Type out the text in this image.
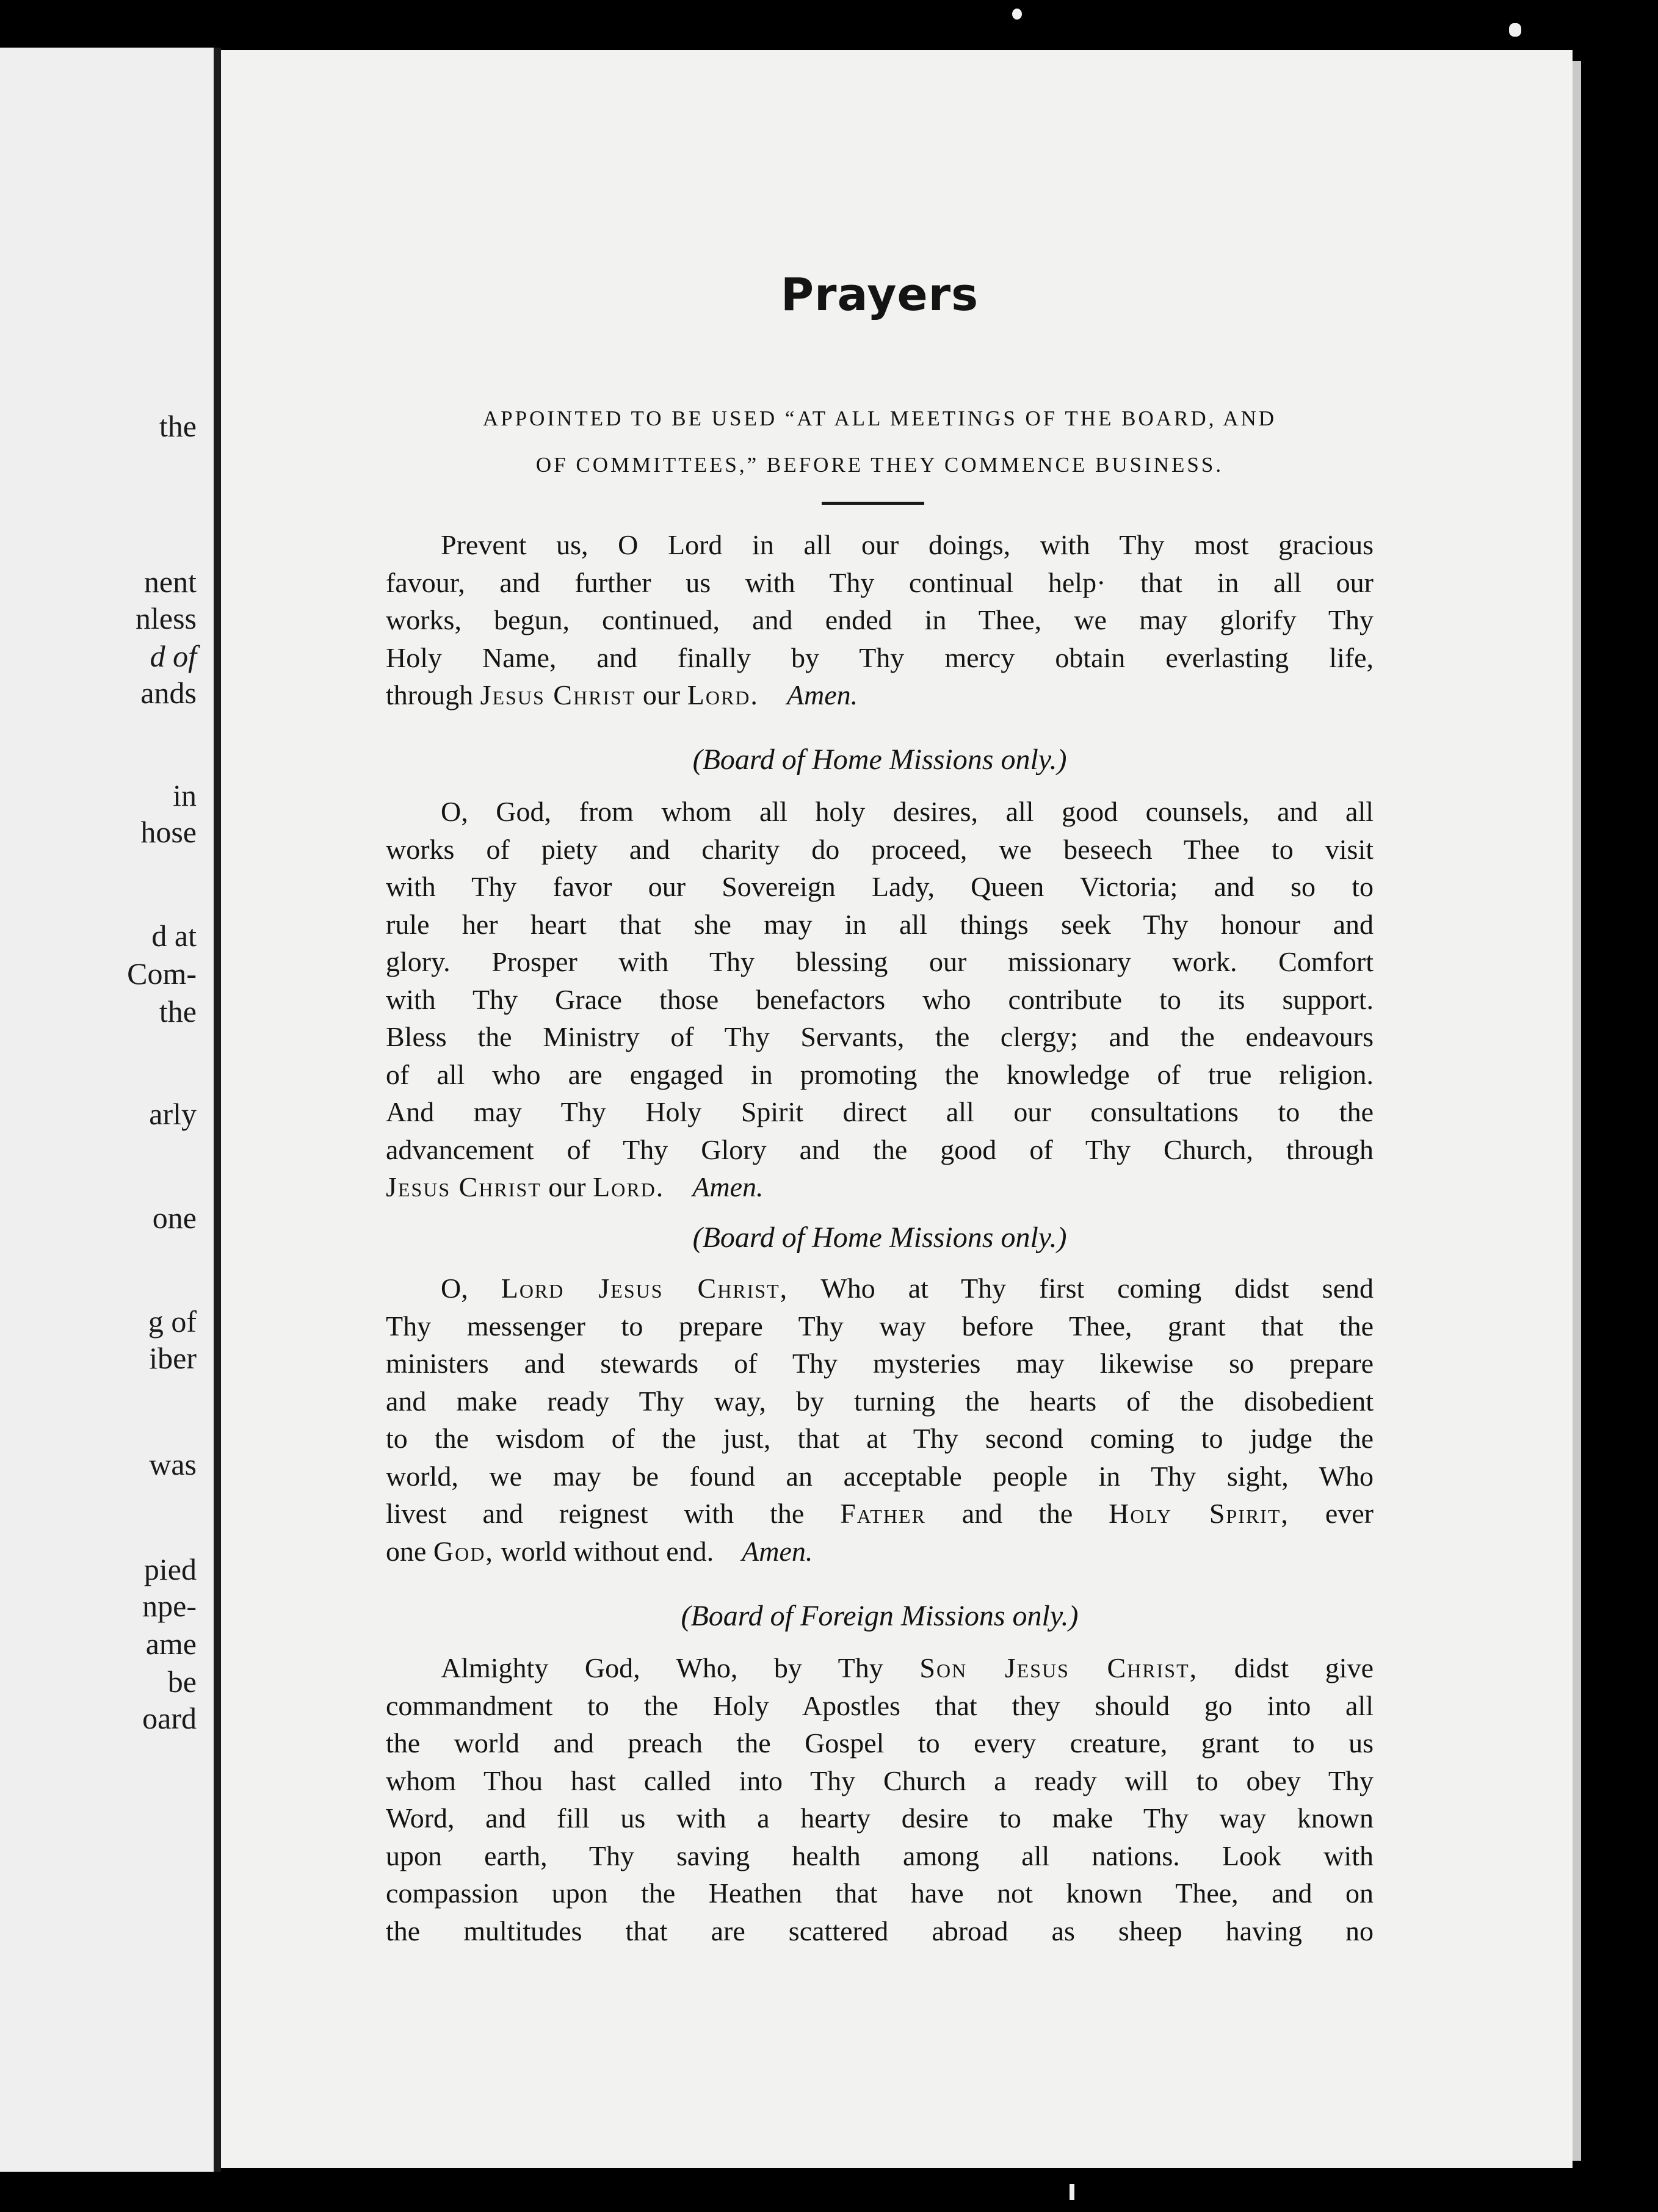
the
nent
nless
d of
ands
in
hose
d at
Com-
the
arly
one
g of
iber
was
pied
npe-
ame
be
oard
Prayers
APPOINTED TO BE USED “AT ALL MEETINGS OF THE BOARD, AND
OF COMMITTEES,” BEFORE THEY COMMENCE BUSINESS.
Prevent us, O Lord in all our doings, with Thy most gracious
favour, and further us with Thy continual help· that in all our
works, begun, continued, and ended in Thee, we may glorify Thy
Holy Name, and finally by Thy mercy obtain everlasting life,
through Jesus Christ our Lord. Amen.

(Board of Home Missions only.)

O, God, from whom all holy desires, all good counsels, and all
works of piety and charity do proceed, we beseech Thee to visit
with Thy favor our Sovereign Lady, Queen Victoria; and so to
rule her heart that she may in all things seek Thy honour and
glory. Prosper with Thy blessing our missionary work. Comfort
with Thy Grace those benefactors who contribute to its support.
Bless the Ministry of Thy Servants, the clergy; and the endeavours
of all who are engaged in promoting the knowledge of true religion.
And may Thy Holy Spirit direct all our consultations to the
advancement of Thy Glory and the good of Thy Church, through
Jesus Christ our Lord. Amen.

(Board of Home Missions only.)

O, Lord Jesus Christ, Who at Thy first coming didst send
Thy messenger to prepare Thy way before Thee, grant that the
ministers and stewards of Thy mysteries may likewise so prepare
and make ready Thy way, by turning the hearts of the disobedient
to the wisdom of the just, that at Thy second coming to judge the
world, we may be found an acceptable people in Thy sight, Who
livest and reignest with the Father and the Holy Spirit, ever
one God, world without end. Amen.

(Board of Foreign Missions only.)

Almighty God, Who, by Thy Son Jesus Christ, didst give
commandment to the Holy Apostles that they should go into all
the world and preach the Gospel to every creature, grant to us
whom Thou hast called into Thy Church a ready will to obey Thy
Word, and fill us with a hearty desire to make Thy way known
upon earth, Thy saving health among all nations. Look with
compassion upon the Heathen that have not known Thee, and on
the multitudes that are scattered abroad as sheep having no
